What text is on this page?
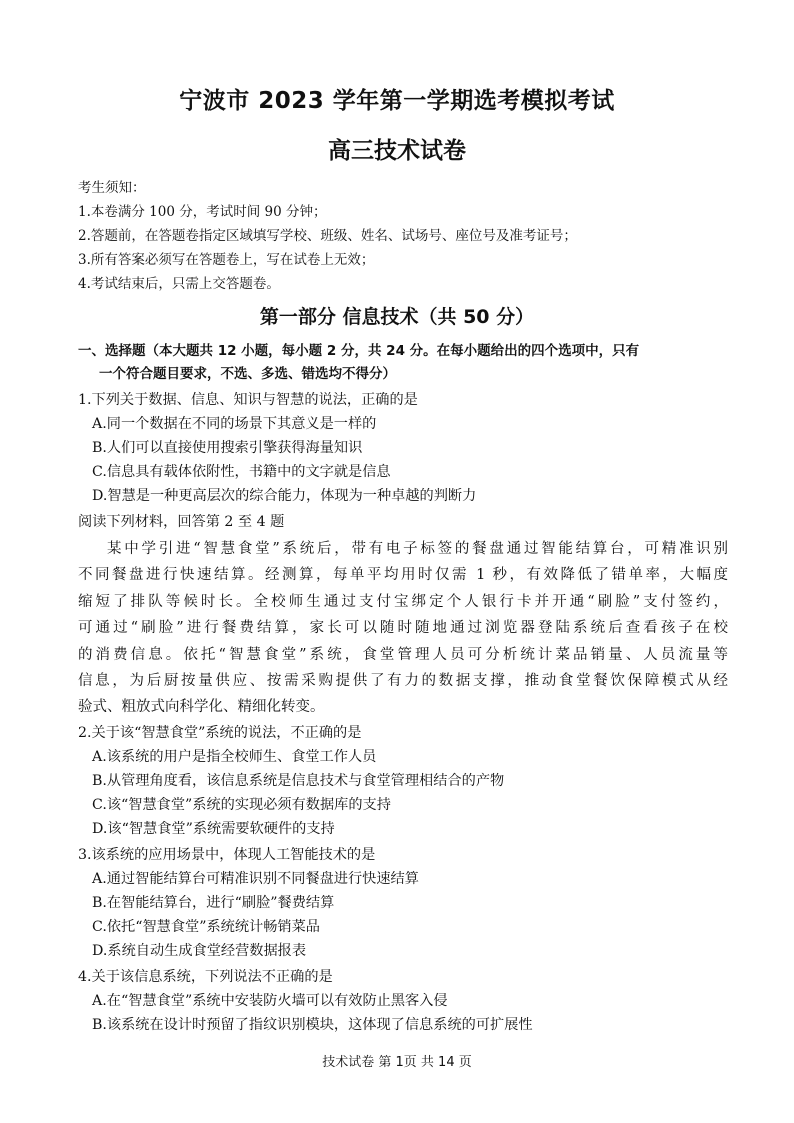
宁波市 2023 学年第一学期选考模拟考试
高三技术试卷
考生须知：
1.本卷满分 100 分，考试时间 90 分钟；
2.答题前，在答题卷指定区域填写学校、班级、姓名、试场号、座位号及准考证号；
3.所有答案必须写在答题卷上，写在试卷上无效；
4.考试结束后，只需上交答题卷。
第一部分 信息技术（共 50 分）
一、选择题（本大题共 12 小题，每小题 2 分，共 24 分。在每小题给出的四个选项中，只有
一个符合题目要求，不选、多选、错选均不得分）
1.下列关于数据、信息、知识与智慧的说法，正确的是
A.同一个数据在不同的场景下其意义是一样的
B.人们可以直接使用搜索引擎获得海量知识
C.信息具有载体依附性，书籍中的文字就是信息
D.智慧是一种更高层次的综合能力，体现为一种卓越的判断力
阅读下列材料，回答第 2 至 4 题
某中学引进“智慧食堂”系统后，带有电子标签的餐盘通过智能结算台，可精准识别
不同餐盘进行快速结算。经测算，每单平均用时仅需 1 秒，有效降低了错单率，大幅度
缩短了排队等候时长。全校师生通过支付宝绑定个人银行卡并开通“刷脸”支付签约，
可通过“刷脸”进行餐费结算，家长可以随时随地通过浏览器登陆系统后查看孩子在校
的消费信息。依托“智慧食堂”系统，食堂管理人员可分析统计菜品销量、人员流量等
信息，为后厨按量供应、按需采购提供了有力的数据支撑，推动食堂餐饮保障模式从经
验式、粗放式向科学化、精细化转变。
2.关于该“智慧食堂”系统的说法，不正确的是
A.该系统的用户是指全校师生、食堂工作人员
B.从管理角度看，该信息系统是信息技术与食堂管理相结合的产物
C.该“智慧食堂”系统的实现必须有数据库的支持
D.该“智慧食堂”系统需要软硬件的支持
3.该系统的应用场景中，体现人工智能技术的是
A.通过智能结算台可精准识别不同餐盘进行快速结算
B.在智能结算台，进行“刷脸”餐费结算
C.依托“智慧食堂”系统统计畅销菜品
D.系统自动生成食堂经营数据报表
4.关于该信息系统，下列说法不正确的是
A.在“智慧食堂”系统中安装防火墙可以有效防止黑客入侵
B.该系统在设计时预留了指纹识别模块，这体现了信息系统的可扩展性
技术试卷 第 1页 共 14 页
